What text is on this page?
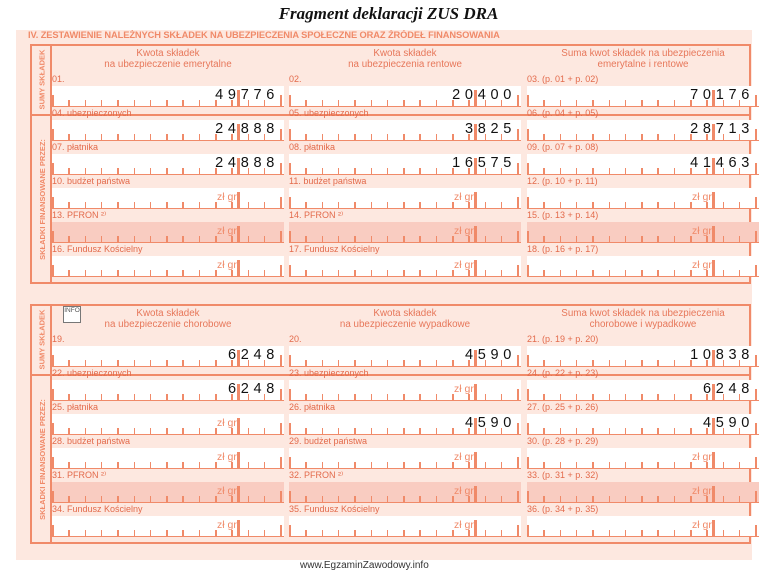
Fragment deklaracji ZUS DRA
IV. ZESTAWIENIE NALEŻNYCH SKŁADEK NA UBEZPIECZENIA SPOŁECZNE ORAZ ŹRÓDEŁ FINANSOWANIA
INFO
SUMY SKŁADEK
SKŁADKI FINANSOWANE PRZEZ:
Kwota składek
na ubezpieczenie emerytalne
Kwota składek
na ubezpieczenia rentowe
Suma kwot składek na ubezpieczenia
emerytalne i rentowe
01.
49776
02.
20400
03. (p. 01 + p. 02)
70176
04. ubezpieczonych
24888
05. ubezpieczonych
3825
06. (p. 04 + p. 05)
28713
07. płatnika
24888
08. płatnika
16575
09. (p. 07 + p. 08)
41463
10. budżet państwa
zł gr
11. budżet państwa
zł gr
12. (p. 10 + p. 11)
zł gr
13. PFRON ²⁾
zł gr
14. PFRON ²⁾
zł gr
15. (p. 13 + p. 14)
zł gr
16. Fundusz Kościelny
zł gr
17. Fundusz Kościelny
zł gr
18. (p. 16 + p. 17)
zł gr
SUMY SKŁADEK
SKŁADKI FINANSOWANE PRZEZ:
Kwota składek
na ubezpieczenie chorobowe
Kwota składek
na ubezpieczenie wypadkowe
Suma kwot składek na ubezpieczenia
chorobowe i wypadkowe
19.
6248
20.
4590
21. (p. 19 + p. 20)
10838
22. ubezpieczonych
6248
23. ubezpieczonych
zł gr
24. (p. 22 + p. 23)
6248
25. płatnika
zł gr
26. płatnika
4590
27. (p. 25 + p. 26)
4590
28. budżet państwa
zł gr
29. budżet państwa
zł gr
30. (p. 28 + p. 29)
zł gr
31. PFRON ²⁾
zł gr
32. PFRON ²⁾
zł gr
33. (p. 31 + p. 32)
zł gr
34. Fundusz Kościelny
zł gr
35. Fundusz Kościelny
zł gr
36. (p. 34 + p. 35)
zł gr
www.EgzaminZawodowy.info
